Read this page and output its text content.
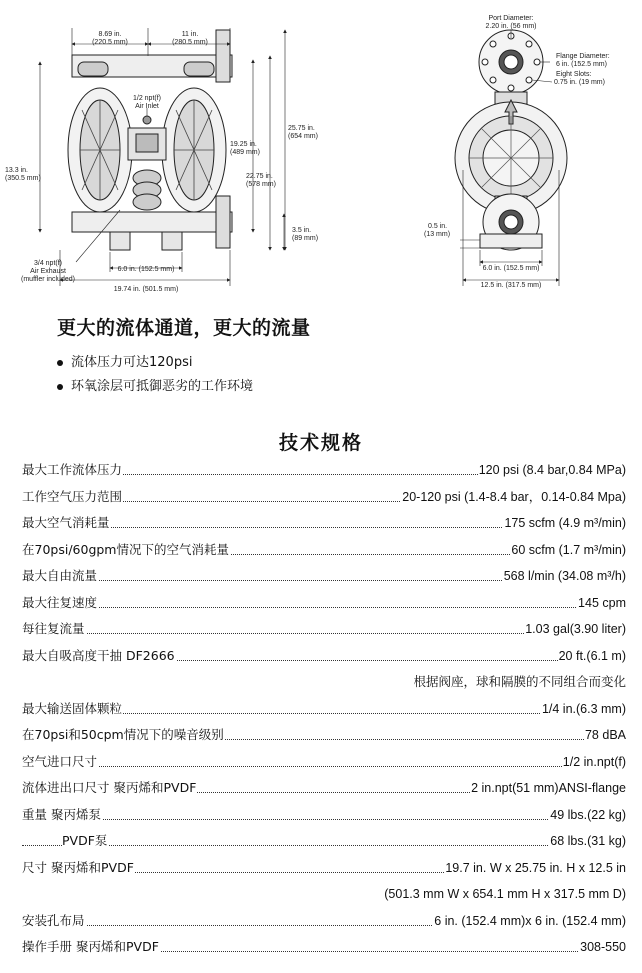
8.69 in.
(220.5 mm)
11 in.
(280.5 mm)
1/2 npt(f)
Air Inlet
25.75 in.
(654 mm)
19.25 in.
(489 mm)
22.75 in.
(578 mm)
13.3 in.
(350.5 mm)
3.5 in.
(89 mm)
3/4 npt(f)
Air Exhaust
(muffler included)
6.0 in. (152.5 mm)
19.74 in. (501.5 mm)
Port Diameter:
2.20 in. (56 mm)
Flange Diameter:
6 in. (152.5 mm)
Eight Slots:
0.75 in. (19 mm)
0.5 in.
(13 mm)
6.0 in. (152.5 mm)
12.5 in. (317.5 mm)
更大的流体通道，更大的流量
流体压力可达120psi
环氧涂层可抵御恶劣的工作环境
技术规格
最大工作流体压力	120 psi (8.4 bar,0.84 MPa)
工作空气压力范围	20-120 psi (1.4-8.4 bar，0.14-0.84 Mpa)
最大空气消耗量	175 scfm (4.9 m³/min)
在70psi/60gpm情况下的空气消耗量	60 scfm (1.7 m³/min)
最大自由流量	568 l/min (34.08 m³/h)
最大往复速度	145 cpm
每往复流量	1.03 gal(3.90 liter)
最大自吸高度干抽 DF2666	20 ft.(6.1 m)
根据阀座，球和隔膜的不同组合而变化
最大输送固体颗粒	1/4 in.(6.3 mm)
在70psi和50cpm情况下的噪音级别	78 dBA
空气进口尺寸	1/2 in.npt(f)
流体进出口尺寸 聚丙烯和PVDF	2 in.npt(51 mm)ANSI-flange
重量 聚丙烯泵	49 lbs.(22 kg)
PVDF泵	68 lbs.(31 kg)
尺寸 聚丙烯和PVDF	19.7 in. W x 25.75 in. H x 12.5 in
(501.3 mm W x 654.1 mm H x 317.5 mm D)
安装孔布局	6 in. (152.4 mm)x 6 in. (152.4 mm)
操作手册 聚丙烯和PVDF	308-550
